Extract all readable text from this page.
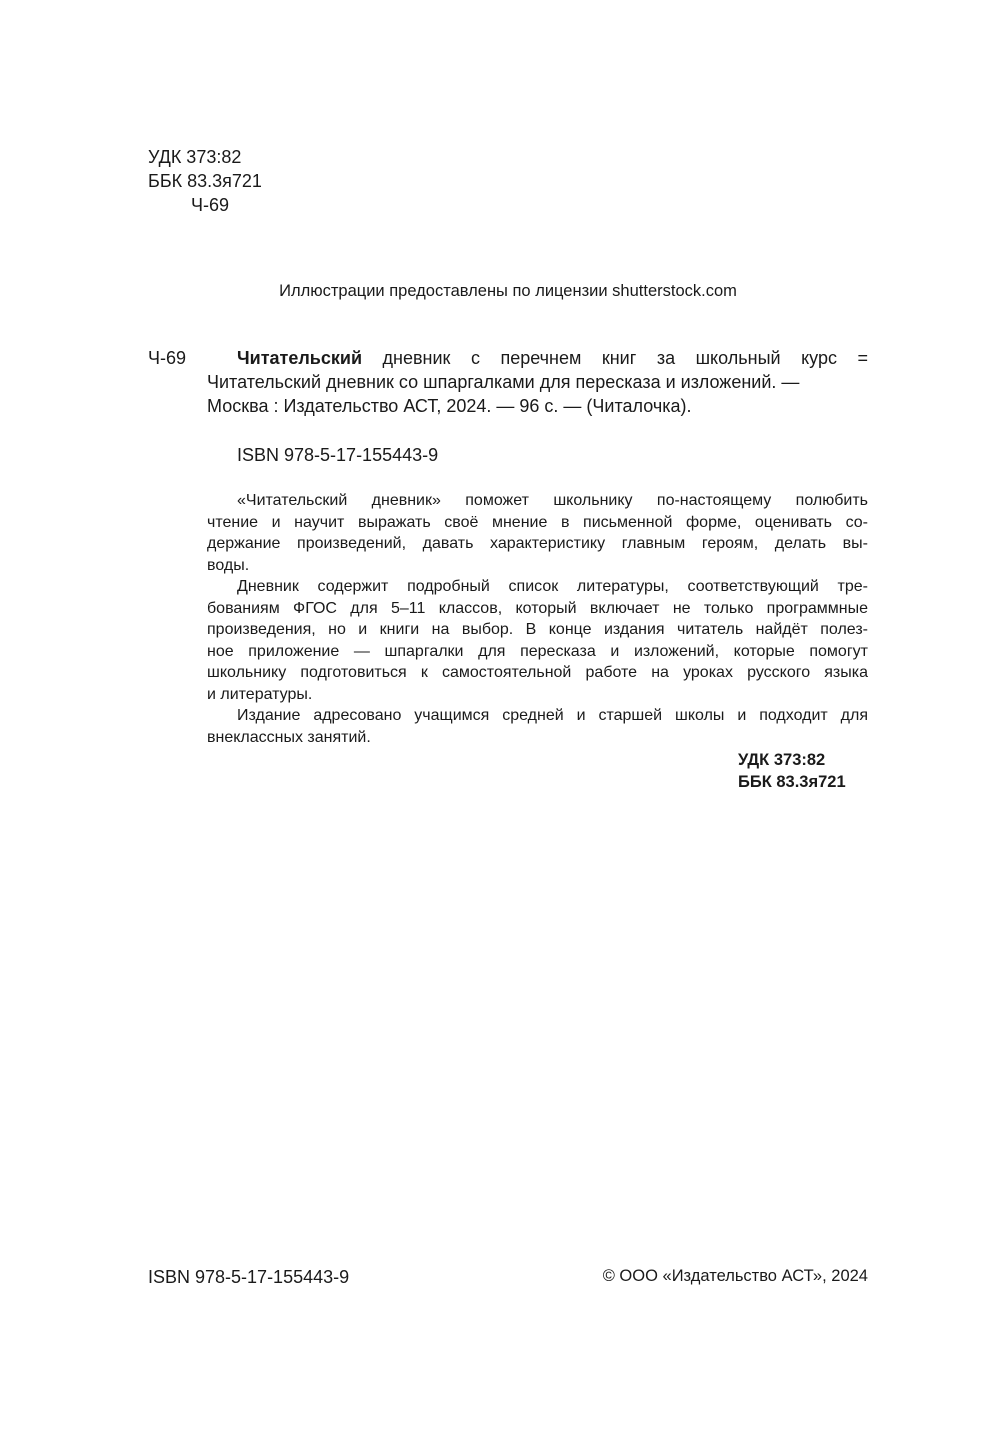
УДК 373:82
ББК 83.3я721
Ч-69
Иллюстрации предоставлены по лицензии shutterstock.com
Ч-69	Читательский дневник с перечнем книг за школьный курс =
Читательский дневник со шпаргалками для пересказа и изложений. —
Москва : Издательство АСТ, 2024. — 96 с. — (Читалочка).
ISBN 978-5-17-155443-9
«Читательский дневник» поможет школьнику по-настоящему полюбить
чтение и научит выражать своё мнение в письменной форме, оценивать со-
держание произведений, давать характеристику главным героям, делать вы-
воды.
Дневник содержит подробный список литературы, соответствующий тре-
бованиям ФГОС для 5–11 классов, который включает не только программные
произведения, но и книги на выбор. В конце издания читатель найдёт полез-
ное приложение — шпаргалки для пересказа и изложений, которые помогут
школьнику подготовиться к самостоятельной работе на уроках русского языка
и литературы.
Издание адресовано учащимся средней и старшей школы и подходит для
внеклассных занятий.
УДК 373:82
ББК 83.3я721
ISBN 978-5-17-155443-9	© ООО «Издательство АСТ», 2024
